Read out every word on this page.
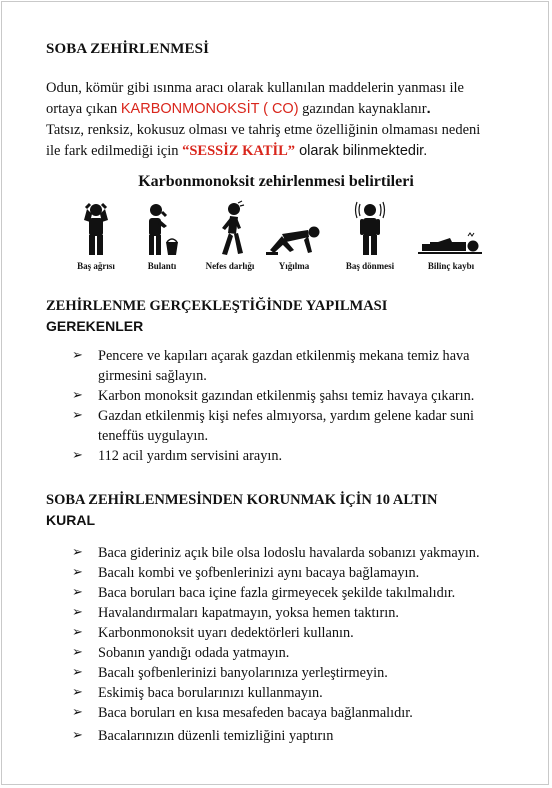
SOBA ZEHİRLENMESİ
Odun, kömür gibi ısınma aracı olarak kullanılan maddelerin yanması ile
ortaya çıkan KARBONMONOKSİT ( CO) gazından kaynaklanır.
Tatsız, renksiz, kokusuz olması ve tahriş etme özelliğinin olmaması nedeni
ile fark edilmediği için “SESSİZ KATİL” olarak bilinmektedir.
Karbonmonoksit zehirlenmesi belirtileri
Baş ağrısı	Bulantı	Nefes darlığı	Yığılma	Baş dönmesi	Bilinç kaybı
ZEHİRLENME GERÇEKLEŞTİĞİNDE YAPILMASI
GEREKENLER
➢ Pencere ve kapıları açarak gazdan etkilenmiş mekana temiz hava girmesini sağlayın.
➢ Karbon monoksit gazından etkilenmiş şahsı temiz havaya çıkarın.
➢ Gazdan etkilenmiş kişi nefes almıyorsa, yardım gelene kadar suni teneffüs uygulayın.
➢ 112 acil yardım servisini arayın.
SOBA ZEHİRLENMESİNDEN KORUNMAK İÇİN 10 ALTIN
KURAL
➢ Baca gideriniz açık bile olsa lodoslu havalarda sobanızı yakmayın.
➢ Bacalı kombi ve şofbenlerinizi aynı bacaya bağlamayın.
➢ Baca boruları baca içine fazla girmeyecek şekilde takılmalıdır.
➢ Havalandırmaları kapatmayın, yoksa hemen taktırın.
➢ Karbonmonoksit uyarı dedektörleri kullanın.
➢ Sobanın yandığı odada yatmayın.
➢ Bacalı şofbenlerinizi banyolarınıza yerleştirmeyin.
➢ Eskimiş baca borularınızı kullanmayın.
➢ Baca boruları en kısa mesafeden bacaya bağlanmalıdır.
➢ Bacalarınızın düzenli temizliğini yaptırın
